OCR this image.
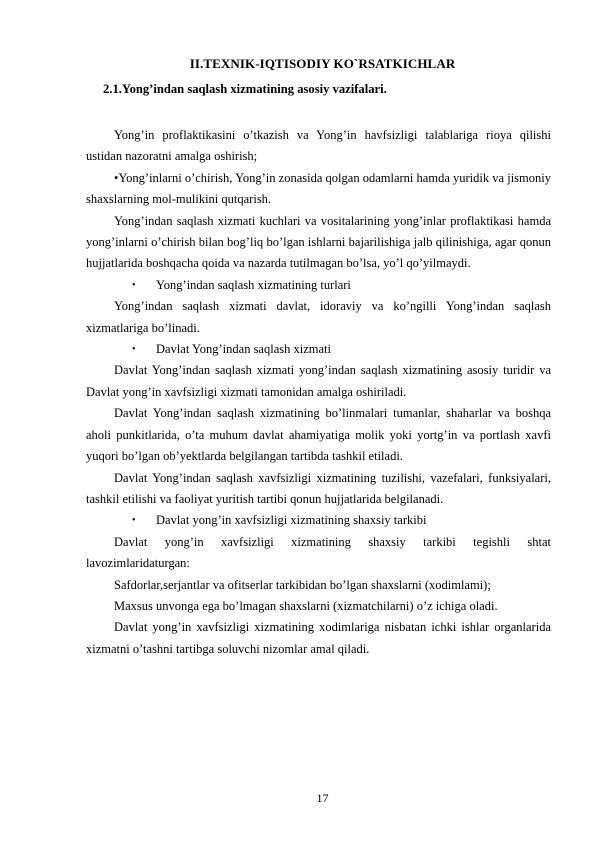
II.TEXNIK-IQTISODIY KO`RSATKICHLAR
2.1.Yong’indan saqlash xizmatining asosiy vazifalari.

Yong’in proflaktikasini o’tkazish va Yong’in havfsizligi talablariga rioya qilishi ustidan nazoratni amalga oshirish;

•Yong’inlarni o’chirish, Yong’in zonasida qolgan odamlarni hamda yuridik va jismoniy shaxslarning mol-mulikini qutqarish.

Yong’indan saqlash xizmati kuchlari va vositalarining yong’inlar proflaktikasi hamda yong’inlarni o’chirish bilan bog’liq bo’lgan ishlarni bajarilishiga jalb qilinishiga, agar qonun hujjatlarida boshqacha qoida va nazarda tutilmagan bo’lsa, yo’l qo’yilmaydi.

• Yong’indan saqlash xizmatining turlari

Yong’indan saqlash xizmati davlat, idoraviy va ko’ngilli Yong’indan saqlash xizmatlariga bo’linadi.

• Davlat Yong’indan saqlash xizmati

Davlat Yong’indan saqlash xizmati yong’indan saqlash xizmatining asosiy turidir va Davlat yong’in xavfsizligi xizmati tamonidan amalga oshiriladi.

Davlat Yong’indan saqlash xizmatining bo’linmalari tumanlar, shaharlar va boshqa aholi punkitlarida, o’ta muhum davlat ahamiyatiga molik yoki yortg’in va portlash xavfi yuqori bo’lgan ob’yektlarda belgilangan tartibda tashkil etiladi.

Davlat Yong’indan saqlash xavfsizligi xizmatining tuzilishi, vazefalari, funksiyalari, tashkil etilishi va faoliyat yuritish tartibi qonun hujjatlarida belgilanadi.

• Davlat yong’in xavfsizligi xizmatining shaxsiy tarkibi

Davlat yong’in xavfsizligi xizmatining shaxsiy tarkibi tegishli shtat lavozimlaridaturgan:

Safdorlar,serjantlar va ofitserlar tarkibidan bo’lgan shaxslarni (xodimlami);

Maxsus unvonga ega bo’lmagan shaxslarni (xizmatchilarni) o’z ichiga oladi.

Davlat yong’in xavfsizligi xizmatining xodimlariga nisbatan ichki ishlar organlarida xizmatni o’tashni tartibga soluvchi nizomlar amal qiladi.

17
